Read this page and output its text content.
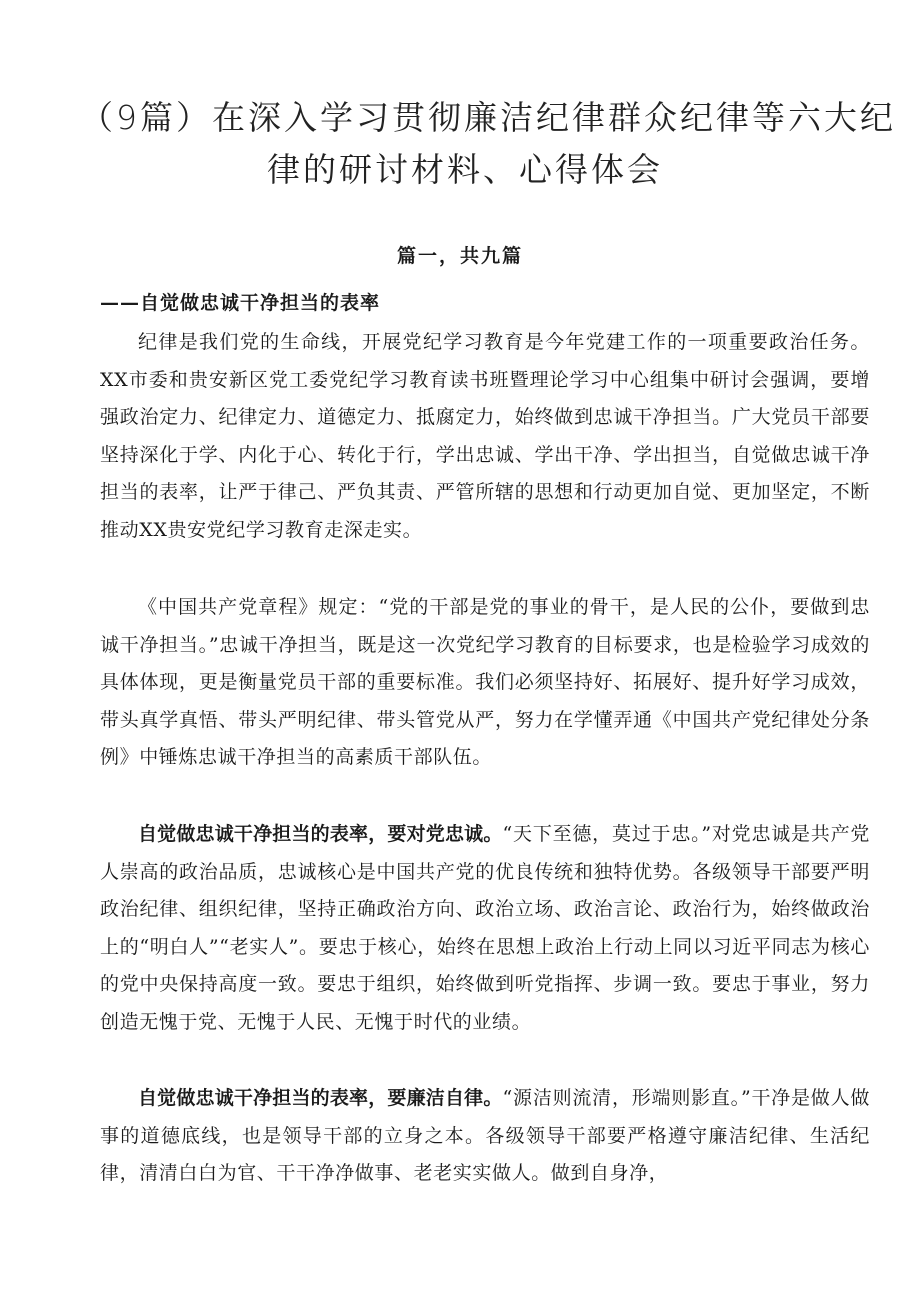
（9篇）在深入学习贯彻廉洁纪律群众纪律等六大纪
律的研讨材料、心得体会
篇一，共九篇
——自觉做忠诚干净担当的表率

纪律是我们党的生命线，开展党纪学习教育是今年党建工作的一项重要政治任务。XX市委和贵安新区党工委党纪学习教育读书班暨理论学习中心组集中研讨会强调，要增强政治定力、纪律定力、道德定力、抵腐定力，始终做到忠诚干净担当。广大党员干部要坚持深化于学、内化于心、转化于行，学出忠诚、学出干净、学出担当，自觉做忠诚干净担当的表率，让严于律己、严负其责、严管所辖的思想和行动更加自觉、更加坚定，不断推动XX贵安党纪学习教育走深走实。

《中国共产党章程》规定：“党的干部是党的事业的骨干，是人民的公仆，要做到忠诚干净担当。”忠诚干净担当，既是这一次党纪学习教育的目标要求，也是检验学习成效的具体体现，更是衡量党员干部的重要标准。我们必须坚持好、拓展好、提升好学习成效，带头真学真悟、带头严明纪律、带头管党从严，努力在学懂弄通《中国共产党纪律处分条例》中锤炼忠诚干净担当的高素质干部队伍。

自觉做忠诚干净担当的表率，要对党忠诚。“天下至德，莫过于忠。”对党忠诚是共产党人崇高的政治品质，忠诚核心是中国共产党的优良传统和独特优势。各级领导干部要严明政治纪律、组织纪律，坚持正确政治方向、政治立场、政治言论、政治行为，始终做政治上的“明白人”“老实人”。要忠于核心，始终在思想上政治上行动上同以习近平同志为核心的党中央保持高度一致。要忠于组织，始终做到听党指挥、步调一致。要忠于事业，努力创造无愧于党、无愧于人民、无愧于时代的业绩。

自觉做忠诚干净担当的表率，要廉洁自律。“源洁则流清，形端则影直。”干净是做人做事的道德底线，也是领导干部的立身之本。各级领导干部要严格遵守廉洁纪律、生活纪律，清清白白为官、干干净净做事、老老实实做人。做到自身净，
